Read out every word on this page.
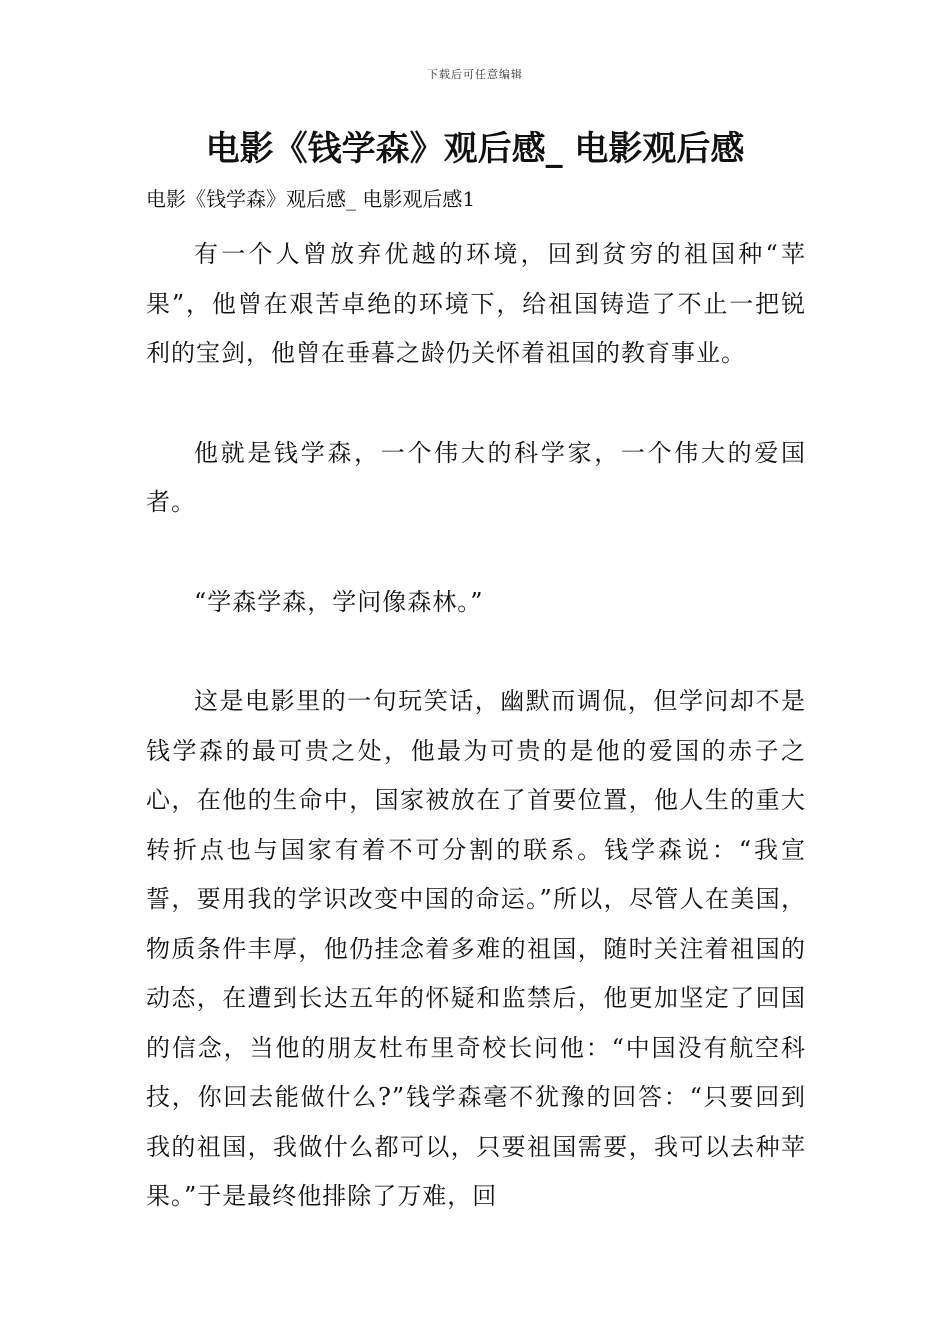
下载后可任意编辑
电影《钱学森》观后感_ 电影观后感

电影《钱学森》观后感_ 电影观后感1

有一个人曾放弃优越的环境，回到贫穷的祖国种“苹果”，他曾在艰苦卓绝的环境下，给祖国铸造了不止一把锐利的宝剑，他曾在垂暮之龄仍关怀着祖国的教育事业。

他就是钱学森，一个伟大的科学家，一个伟大的爱国者。

“学森学森，学问像森林。”

这是电影里的一句玩笑话，幽默而调侃，但学问却不是钱学森的最可贵之处，他最为可贵的是他的爱国的赤子之心，在他的生命中，国家被放在了首要位置，他人生的重大转折点也与国家有着不可分割的联系。钱学森说：“我宣誓，要用我的学识改变中国的命运。”所以，尽管人在美国，物质条件丰厚，他仍挂念着多难的祖国，随时关注着祖国的动态，在遭到长达五年的怀疑和监禁后，他更加坚定了回国的信念，当他的朋友杜布里奇校长问他：“中国没有航空科技，你回去能做什么?”钱学森毫不犹豫的回答：“只要回到我的祖国，我做什么都可以，只要祖国需要，我可以去种苹果。”于是最终他排除了万难，回
